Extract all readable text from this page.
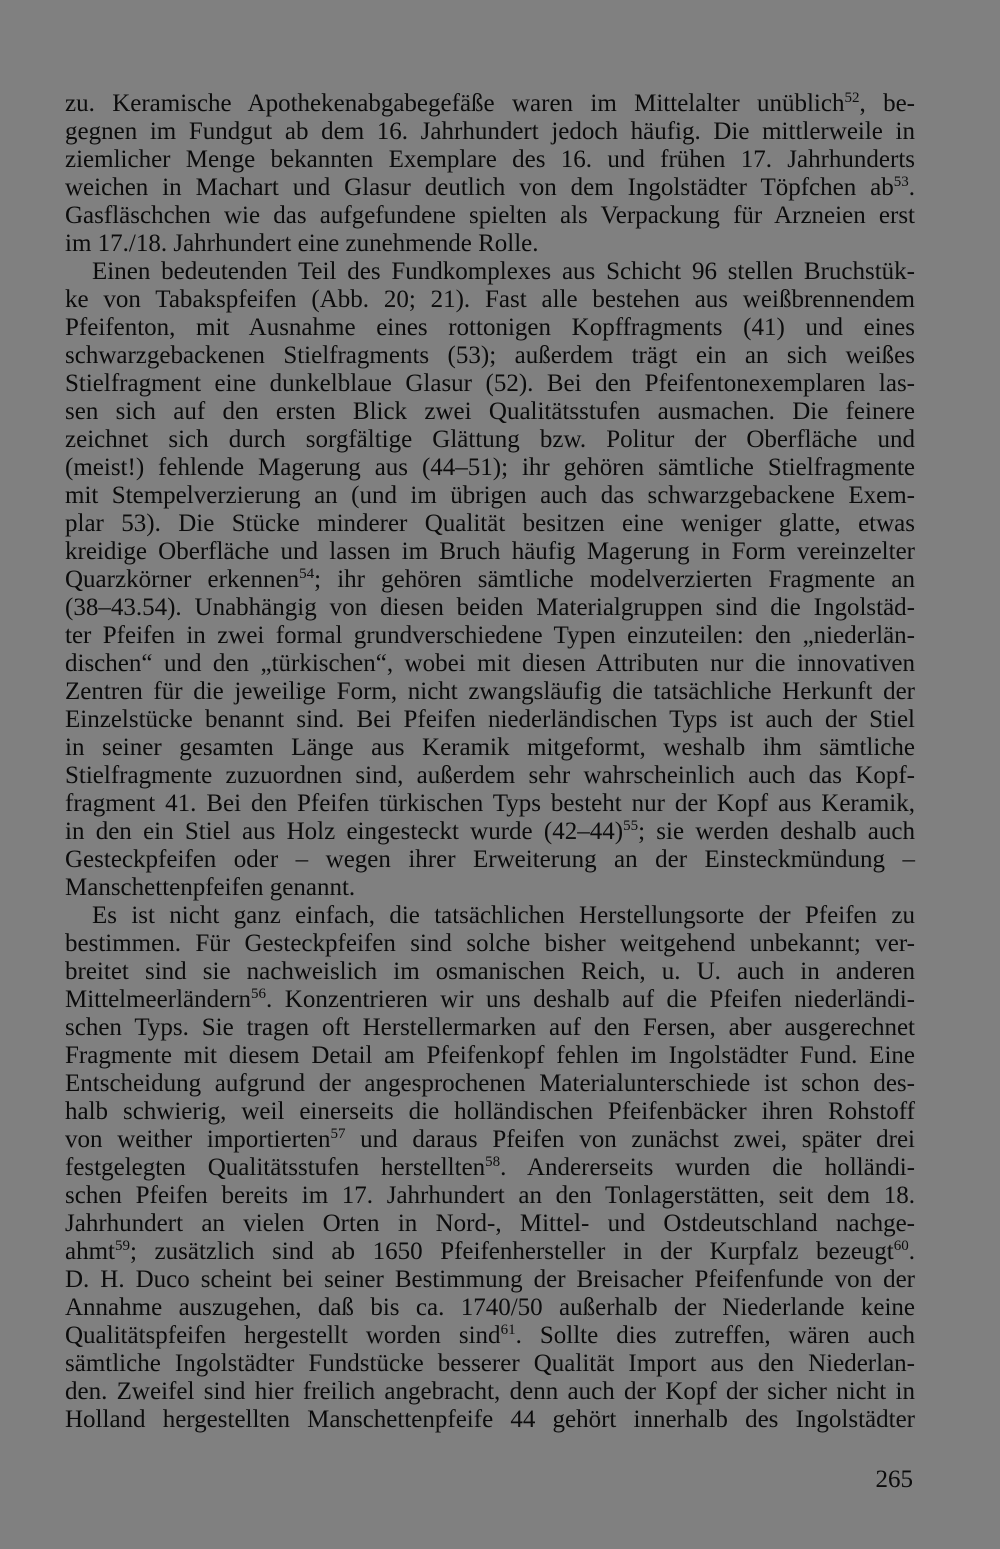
zu. Keramische Apothekenabgabegefäße waren im Mittelalter unüblich$^{52}$, be-
gegnen im Fundgut ab dem 16. Jahrhundert jedoch häufig. Die mittlerweile in
ziemlicher Menge bekannten Exemplare des 16. und frühen 17. Jahrhunderts
weichen in Machart und Glasur deutlich von dem Ingolstädter Töpfchen $ab^{53}$.
Gasfläschchen wie das aufgefundene spielten als Verpackung für Arzneien erst
im 17./18. Jahrhundert eine zunehmende Rolle.
Einen bedeutenden Teil des Fundkomplexes aus Schicht 96 stellen Bruchstük-
ke von Tabakspfeifen (Abb. 20; 21). Fast alle bestehen aus weißbrennendem
Pfeifenton, mit Ausnahme eines rottonigen Kopffragments (41) und eines
schwarzgebackenen Stielfragments (53); außerdem trägt ein an sich weißes
Stielfragment eine dunkelblaue Glasur (52). Bei den Pfeifentonexemplaren las-
sen sich auf den ersten Blick zwei Qualitätsstufen ausmachen. Die feinere
zeichnet sich durch sorgfältige Glättung bzw. Politur der Oberfläche und
(meist!) fehlende Magerung aus (44–51); ihr gehören sämtliche Stielfragmente
mit Stempelverzierung an (und im übrigen auch das schwarzgebackene Exem-
plar 53). Die Stücke minderer Qualität besitzen eine weniger glatte, etwas
kreidige Oberfläche und lassen im Bruch häufig Magerung in Form vereinzelter
Quarzkörner erkennen$^{54}$; ihr gehören sämtliche modelverzierten Fragmente an
(38–43.54). Unabhängig von diesen beiden Materialgruppen sind die Ingolstäd-
ter Pfeifen in zwei formal grundverschiedene Typen einzuteilen: den „niederlän-
dischen“ und den „türkischen“, wobei mit diesen Attributen nur die innovativen
Zentren für die jeweilige Form, nicht zwangsläufig die tatsächliche Herkunft der
Einzelstücke benannt sind. Bei Pfeifen niederländischen Typs ist auch der Stiel
in seiner gesamten Länge aus Keramik mitgeformt, weshalb ihm sämtliche
Stielfragmente zuzuordnen sind, außerdem sehr wahrscheinlich auch das Kopf-
fragment 41. Bei den Pfeifen türkischen Typs besteht nur der Kopf aus Keramik,
in den ein Stiel aus Holz eingesteckt wurde $(42-44)^{55}$; sie werden deshalb auch
Gesteckpfeifen oder – wegen ihrer Erweiterung an der Einsteckmündung –
Manschettenpfeifen genannt.
Es ist nicht ganz einfach, die tatsächlichen Herstellungsorte der Pfeifen zu
bestimmen. Für Gesteckpfeifen sind solche bisher weitgehend unbekannt; ver-
breitet sind sie nachweislich im osmanischen Reich, u. U. auch in anderen
Mittelmeerländern$^{56}$. Konzentrieren wir uns deshalb auf die Pfeifen niederländi-
schen Typs. Sie tragen oft Herstellermarken auf den Fersen, aber ausgerechnet
Fragmente mit diesem Detail am Pfeifenkopf fehlen im Ingolstädter Fund. Eine
Entscheidung aufgrund der angesprochenen Materialunterschiede ist schon des-
halb schwierig, weil einerseits die holländischen Pfeifenbäcker ihren Rohstoff
von weither importierten$^{57}$ und daraus Pfeifen von zunächst zwei, später drei
festgelegten Qualitätsstufen herstellten$^{58}$. Andererseits wurden die holländi-
schen Pfeifen bereits im 17. Jahrhundert an den Tonlagerstätten, seit dem 18.
Jahrhundert an vielen Orten in Nord-, Mittel- und Ostdeutschland nachge-
ahmt$^{59}$; zusätzlich sind ab 1650 Pfeifenhersteller in der Kurpfalz bezeugt$^{60}$.
D. H. Duco scheint bei seiner Bestimmung der Breisacher Pfeifenfunde von der
Annahme auszugehen, daß bis ca. 1740/50 außerhalb der Niederlande keine
Qualitätspfeifen hergestellt worden sind$^{61}$. Sollte dies zutreffen, wären auch
sämtliche Ingolstädter Fundstücke besserer Qualität Import aus den Niederlan-
den. Zweifel sind hier freilich angebracht, denn auch der Kopf der sicher nicht in
Holland hergestellten Manschettenpfeife 44 gehört innerhalb des Ingolstädter
265
